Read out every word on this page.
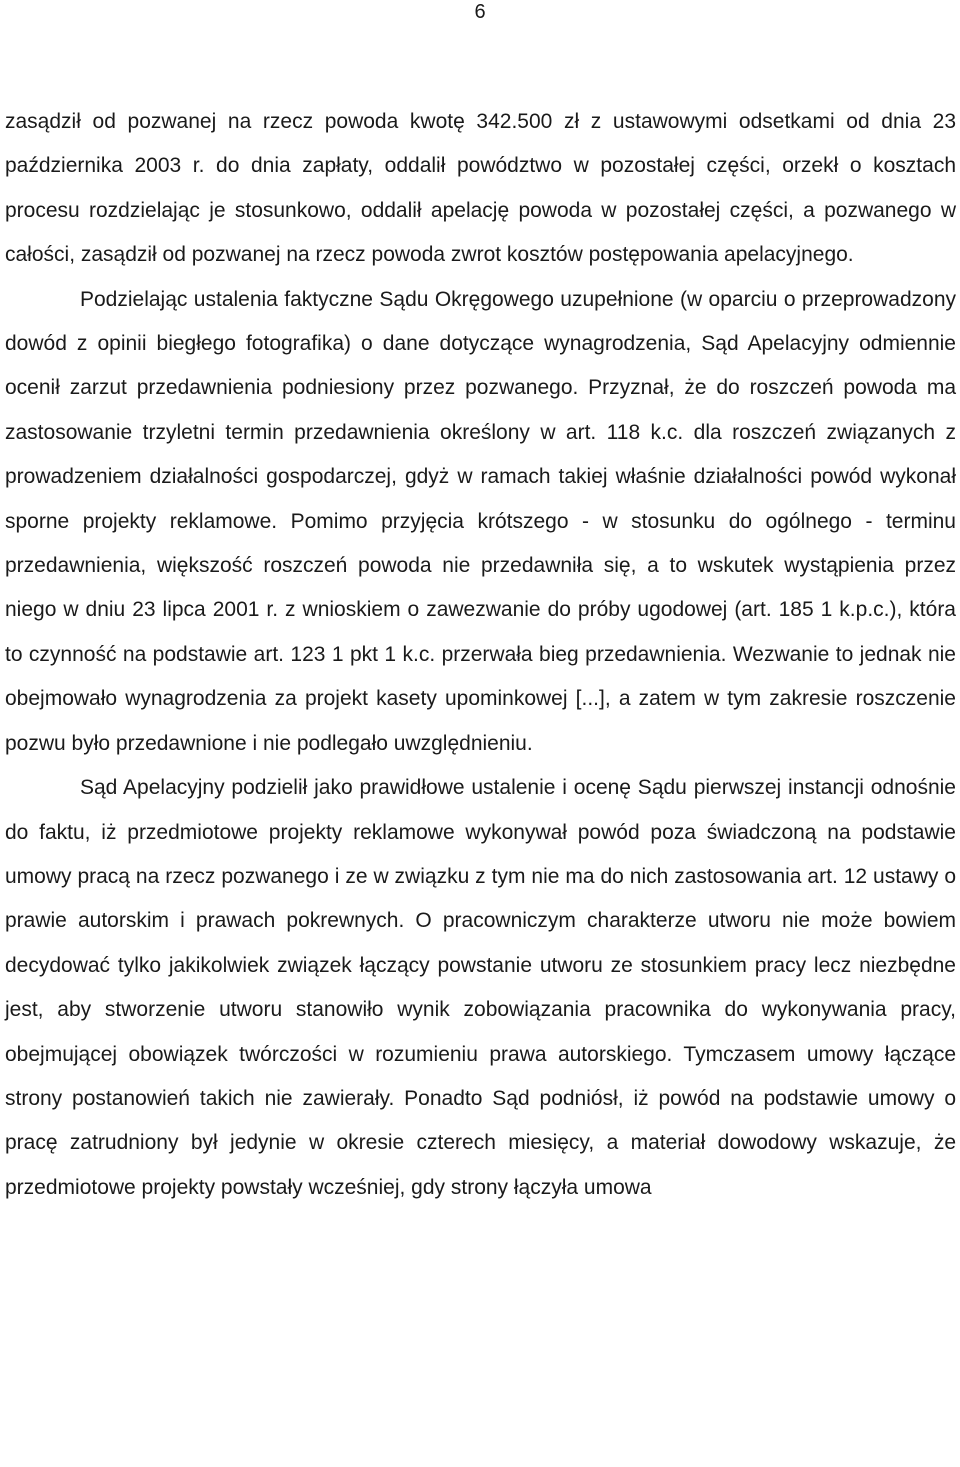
6

zasądził od pozwanej na rzecz powoda kwotę 342.500 zł z ustawowymi odsetkami od dnia 23 października 2003 r. do dnia zapłaty, oddalił powództwo w pozostałej części, orzekł o kosztach procesu rozdzielając je stosunkowo, oddalił apelację powoda w pozostałej części, a pozwanego w całości, zasądził od pozwanej na rzecz powoda zwrot kosztów postępowania apelacyjnego.

Podzielając ustalenia faktyczne Sądu Okręgowego uzupełnione (w oparciu o przeprowadzony dowód z opinii biegłego fotografika) o dane dotyczące wynagrodzenia, Sąd Apelacyjny odmiennie ocenił zarzut przedawnienia podniesiony przez pozwanego. Przyznał, że do roszczeń powoda ma zastosowanie trzyletni termin przedawnienia określony w art. 118 k.c. dla roszczeń związanych z prowadzeniem działalności gospodarczej, gdyż w ramach takiej właśnie działalności powód wykonał sporne projekty reklamowe. Pomimo przyjęcia krótszego - w stosunku do ogólnego - terminu przedawnienia, większość roszczeń powoda nie przedawniła się, a to wskutek wystąpienia przez niego w dniu 23 lipca 2001 r. z wnioskiem o zawezwanie do próby ugodowej (art. 185 1 k.p.c.), która to czynność na podstawie art. 123 1 pkt 1 k.c. przerwała bieg przedawnienia. Wezwanie to jednak nie obejmowało wynagrodzenia za projekt kasety upominkowej [...], a zatem w tym zakresie roszczenie pozwu było przedawnione i nie podlegało uwzględnieniu.

Sąd Apelacyjny podzielił jako prawidłowe ustalenie i ocenę Sądu pierwszej instancji odnośnie do faktu, iż przedmiotowe projekty reklamowe wykonywał powód poza świadczoną na podstawie umowy pracą na rzecz pozwanego i ze w związku z tym nie ma do nich zastosowania art. 12 ustawy o prawie autorskim i prawach pokrewnych. O pracowniczym charakterze utworu nie może bowiem decydować tylko jakikolwiek związek łączący powstanie utworu ze stosunkiem pracy lecz niezbędne jest, aby stworzenie utworu stanowiło wynik zobowiązania pracownika do wykonywania pracy, obejmującej obowiązek twórczości w rozumieniu prawa autorskiego. Tymczasem umowy łączące strony postanowień takich nie zawierały. Ponadto Sąd podniósł, iż powód na podstawie umowy o pracę zatrudniony był jedynie w okresie czterech miesięcy, a materiał dowodowy wskazuje, że przedmiotowe projekty powstały wcześniej, gdy strony łączyła umowa
